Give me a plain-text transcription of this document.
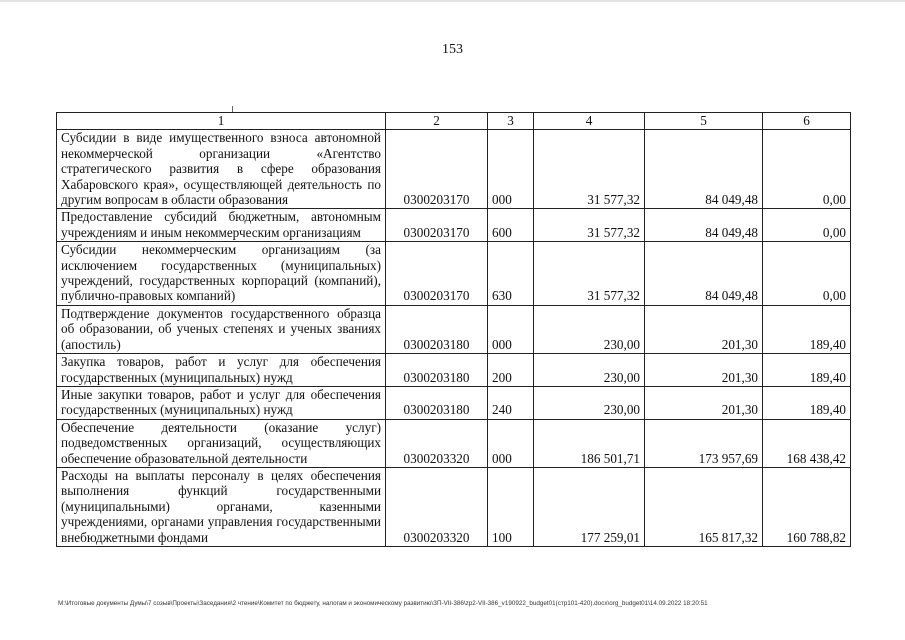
153
1	2	3	4	5	6
Субсидии в виде имущественного взноса автономной некоммерческой организации «Агентство стратегического развития в сфере образования Хабаровского края», осуществляющей деятельность по другим вопросам в области образования	0300203170	000	31 577,32	84 049,48	0,00
Предоставление субсидий бюджетным, автономным учреждениям и иным некоммерческим организациям	0300203170	600	31 577,32	84 049,48	0,00
Субсидии некоммерческим организациям (за исключением государственных (муниципальных) учреждений, государственных корпораций (компаний), публично-правовых компаний)	0300203170	630	31 577,32	84 049,48	0,00
Подтверждение документов государственного образца об образовании, об ученых степенях и ученых званиях (апостиль)	0300203180	000	230,00	201,30	189,40
Закупка товаров, работ и услуг для обеспечения государственных (муниципальных) нужд	0300203180	200	230,00	201,30	189,40
Иные закупки товаров, работ и услуг для обеспечения государственных (муниципальных) нужд	0300203180	240	230,00	201,30	189,40
Обеспечение деятельности (оказание услуг) подведомственных организаций, осуществляющих обеспечение образовательной деятельности	0300203320	000	186 501,71	173 957,69	168 438,42
Расходы на выплаты персоналу в целях обеспечения выполнения функций государственными (муниципальными) органами, казенными учреждениями, органами управления государственными внебюджетными фондами	0300203320	100	177 259,01	165 817,32	160 788,82
M:\Итоговые документы Думы\7 созыв\Проекты\Заседания\2 чтение\Комитет по бюджету, налогам и экономическому развитию\ЗП-VII-386\zp2-VII-386_v190922_budget01(стр101-420).docx\org_budget01\14.09.2022 18:20:51
